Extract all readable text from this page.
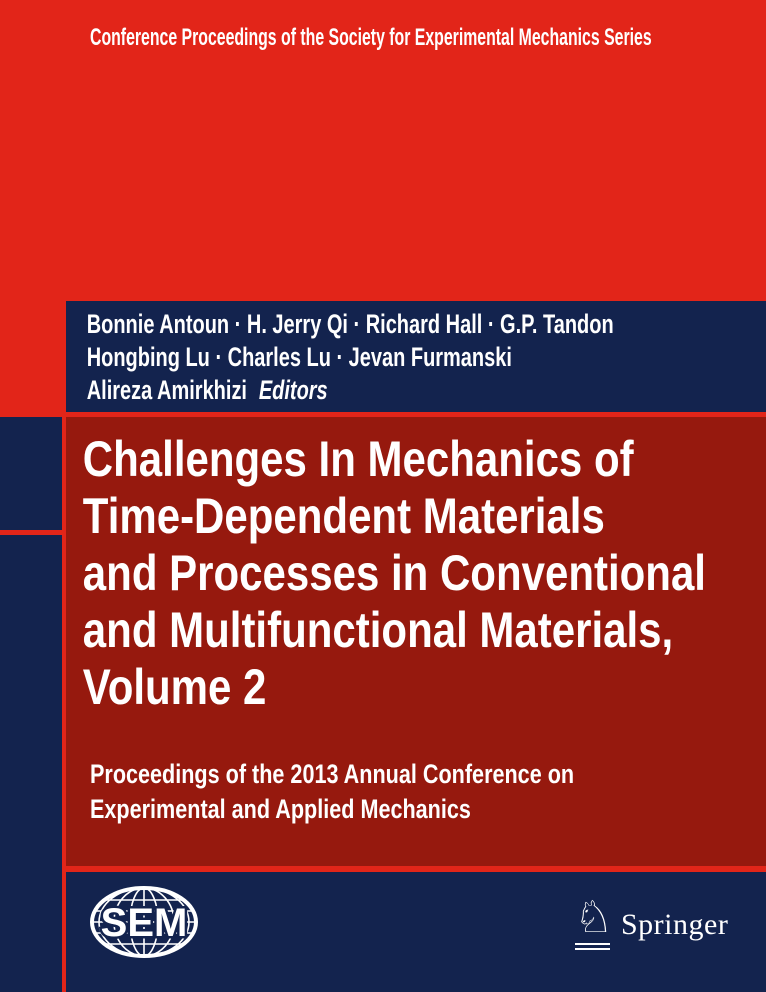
Conference Proceedings of the Society for Experimental Mechanics Series
Bonnie Antoun · H. Jerry Qi · Richard Hall · G.P. Tandon
Hongbing Lu · Charles Lu · Jevan Furmanski
Alireza Amirkhizi Editors
Challenges In Mechanics of
Time-Dependent Materials
and Processes in Conventional
and Multifunctional Materials,
Volume 2
Proceedings of the 2013 Annual Conference on
Experimental and Applied Mechanics
SEM	♘ Springer
